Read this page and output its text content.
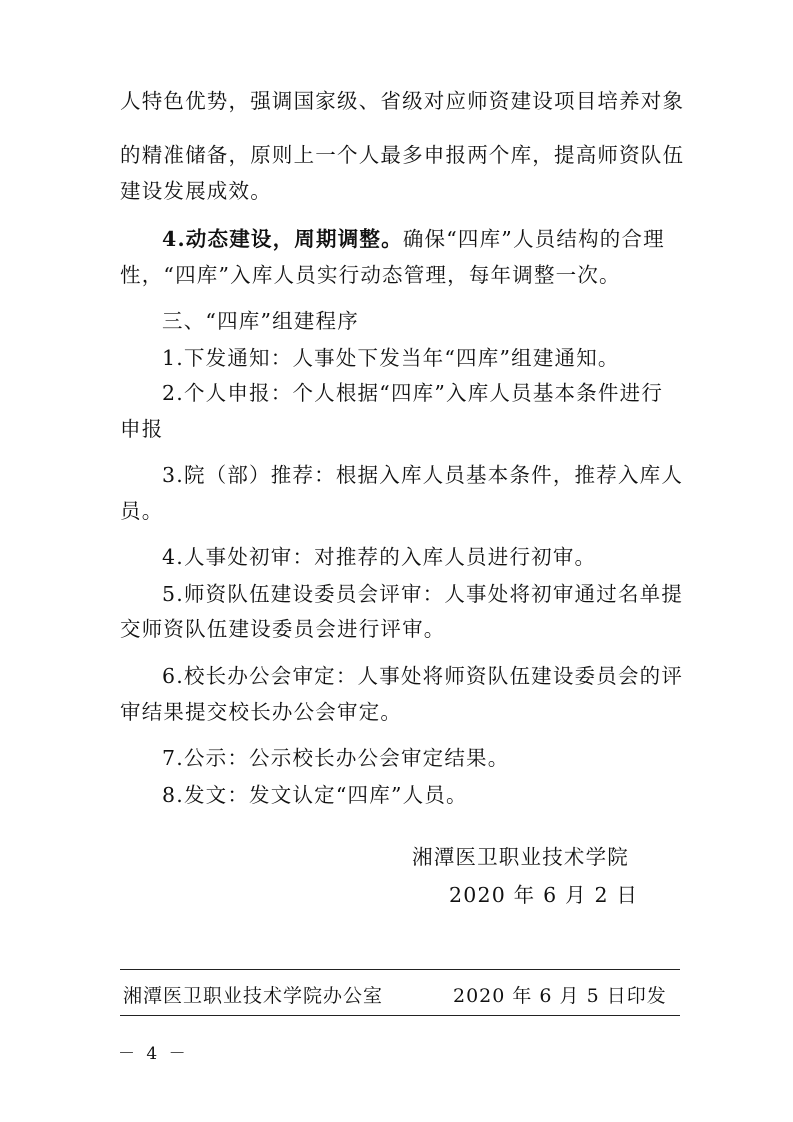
人特色优势，强调国家级、省级对应师资建设项目培养对象
的精准储备，原则上一个人最多申报两个库，提高师资队伍
建设发展成效。
4.动态建设，周期调整。确保“四库”人员结构的合理
性，“四库”入库人员实行动态管理，每年调整一次。
三、“四库”组建程序
1.下发通知：人事处下发当年“四库”组建通知。
2.个人申报：个人根据“四库”入库人员基本条件进行
申报
3.院（部）推荐：根据入库人员基本条件，推荐入库人
员。
4.人事处初审：对推荐的入库人员进行初审。
5.师资队伍建设委员会评审：人事处将初审通过名单提
交师资队伍建设委员会进行评审。
6.校长办公会审定：人事处将师资队伍建设委员会的评
审结果提交校长办公会审定。
7.公示：公示校长办公会审定结果。
8.发文：发文认定“四库”人员。
湘潭医卫职业技术学院
2020 年 6 月 2 日
湘潭医卫职业技术学院办公室	2020 年 6 月 5 日印发
－ 4 －
